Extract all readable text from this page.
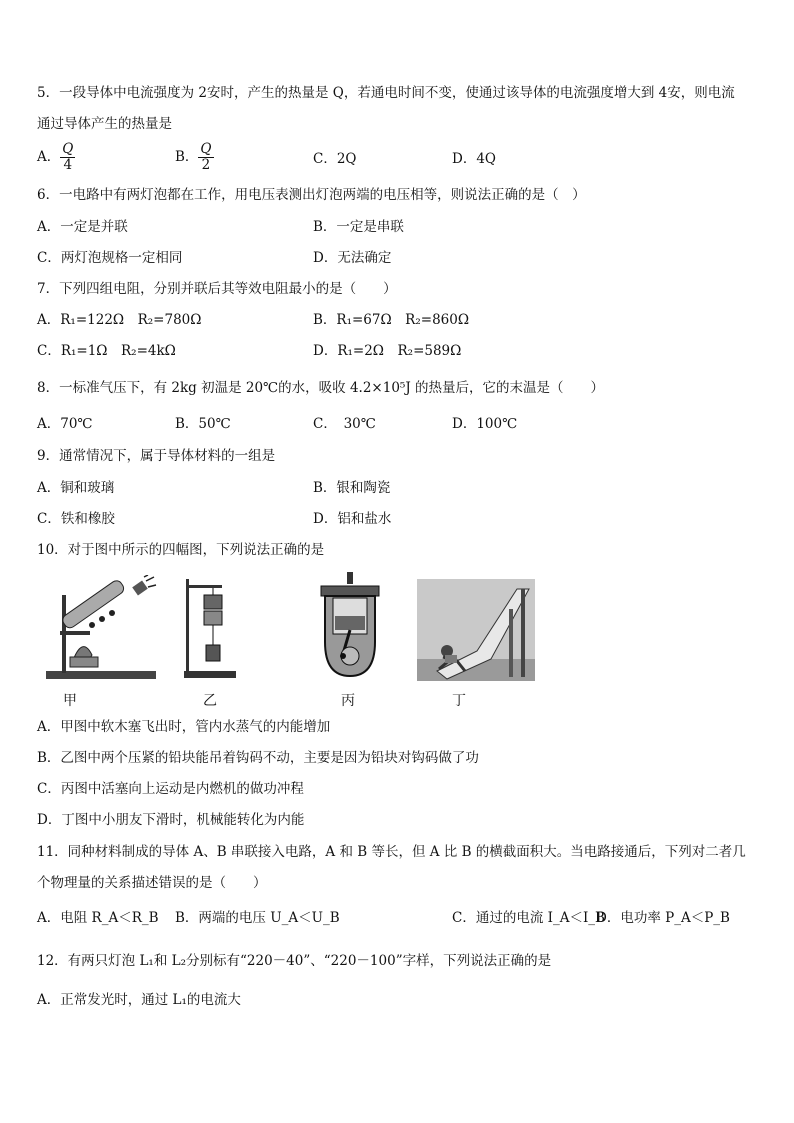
5．一段导体中电流强度为 2安时，产生的热量是 Q，若通电时间不变，使通过该导体的电流强度增大到 4安，则电流
通过导体产生的热量是
A． $\frac{Q}{4}$	B． $\frac{Q}{2}$	C．2Q	D．4Q
6．一电路中有两灯泡都在工作，用电压表测出灯泡两端的电压相等，则说法正确的是（　）
A．一定是并联	B．一定是串联
C．两灯泡规格一定相同	D．无法确定
7．下列四组电阻，分别并联后其等效电阻最小的是（　　）
A．R₁=122Ω　R₂=780Ω	B．R₁=67Ω　R₂=860Ω
C．R₁=1Ω　R₂=4kΩ	D．R₁=2Ω　R₂=589Ω
8．一标准气压下，有 2kg 初温是 20℃的水，吸收 4.2×10⁵J 的热量后，它的末温是（　　）
A．70℃	B．50℃	C．　30℃	D．100℃
9．通常情况下，属于导体材料的一组是
A．铜和玻璃	B．银和陶瓷
C．铁和橡胶	D．铝和盐水
10．对于图中所示的四幅图，下列说法正确的是
甲	乙	丙	丁
A．甲图中软木塞飞出时，管内水蒸气的内能增加
B．乙图中两个压紧的铅块能吊着钩码不动，主要是因为铅块对钩码做了功
C．丙图中活塞向上运动是内燃机的做功冲程
D．丁图中小朋友下滑时，机械能转化为内能
11．同种材料制成的导体 A、B 串联接入电路，A 和 B 等长，但 A 比 B 的横截面积大。当电路接通后，下列对二者几
个物理量的关系描述错误的是（　　）
A．电阻 R_A＜R_B B．两端的电压 U_A＜U_B	C．通过的电流 I_A＜I_B
D．电功率 P_A＜P_B
12．有两只灯泡 L₁和 L₂分别标有“220－40”、“220－100”字样，下列说法正确的是
A．正常发光时，通过 L₁的电流大
